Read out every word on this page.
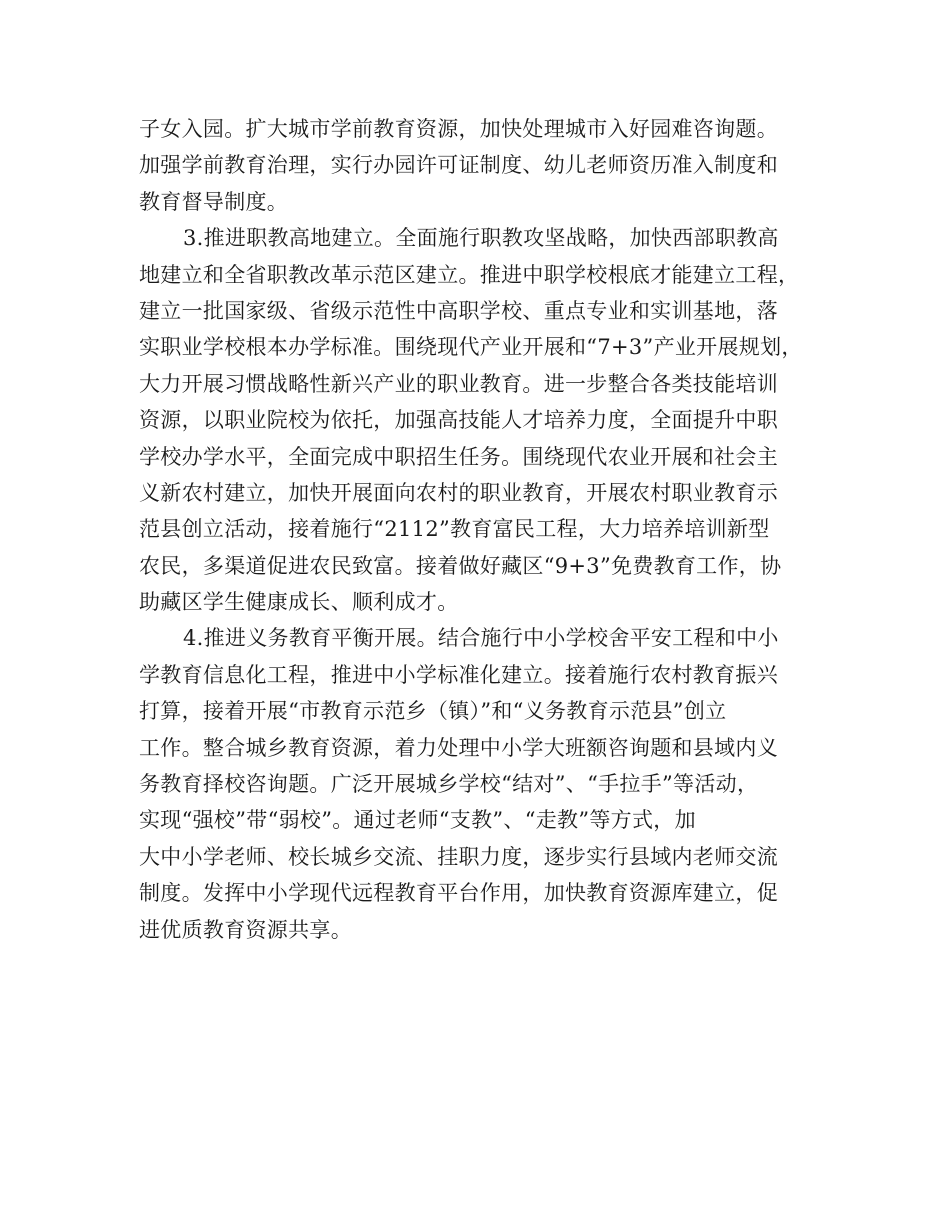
子女入园。扩大城市学前教育资源，加快处理城市入好园难咨询题。
加强学前教育治理，实行办园许可证制度、幼儿老师资历准入制度和
教育督导制度。
3.推进职教高地建立。全面施行职教攻坚战略，加快西部职教高
地建立和全省职教改革示范区建立。推进中职学校根底才能建立工程，
建立一批国家级、省级示范性中高职学校、重点专业和实训基地，落
实职业学校根本办学标准。围绕现代产业开展和“7+3”产业开展规划，
大力开展习惯战略性新兴产业的职业教育。进一步整合各类技能培训
资源，以职业院校为依托，加强高技能人才培养力度，全面提升中职
学校办学水平，全面完成中职招生任务。围绕现代农业开展和社会主
义新农村建立，加快开展面向农村的职业教育，开展农村职业教育示
范县创立活动，接着施行“2112”教育富民工程，大力培养培训新型
农民，多渠道促进农民致富。接着做好藏区“9+3”免费教育工作，协
助藏区学生健康成长、顺利成才。
4.推进义务教育平衡开展。结合施行中小学校舍平安工程和中小
学教育信息化工程，推进中小学标准化建立。接着施行农村教育振兴
打算，接着开展“市教育示范乡（镇）”和“义务教育示范县”创立
工作。整合城乡教育资源，着力处理中小学大班额咨询题和县域内义
务教育择校咨询题。广泛开展城乡学校“结对”、“手拉手”等活动，
实现“强校”带“弱校”。通过老师“支教”、“走教”等方式，加
大中小学老师、校长城乡交流、挂职力度，逐步实行县域内老师交流
制度。发挥中小学现代远程教育平台作用，加快教育资源库建立，促
进优质教育资源共享。
